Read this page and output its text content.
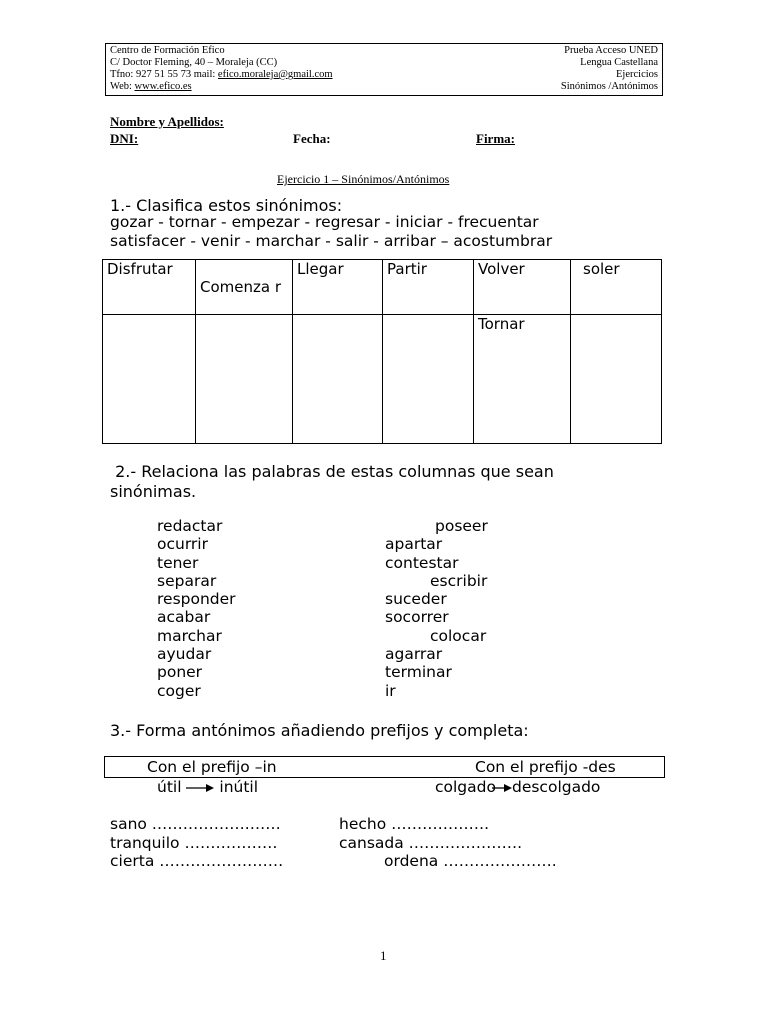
Centro de Formación Efico
C/ Doctor Fleming, 40 – Moraleja (CC)
Tfno: 927 51 55 73 mail: efico.moraleja@gmail.com
Web: www.efico.es
Prueba Acceso UNED
Lengua Castellana
Ejercicios
Sinónimos /Antónimos
Nombre y Apellidos:
DNI:	Fecha:	Firma:
Ejercicio 1 – Sinónimos/Antónimos
1.- Clasifica estos sinónimos:
gozar - tornar - empezar - regresar - iniciar - frecuentar
satisfacer - venir - marchar - salir - arribar – acostumbrar
Disfrutar	Comenza r	Llegar	Partir	Volver	soler
				Tornar	
2.- Relaciona las palabras de estas columnas que sean
sinónimas.
redactar
ocurrir
tener
separar
responder
acabar
marchar
ayudar
poner
coger
poseer
apartar
contestar
escribir
suceder
socorrer
colocar
agarrar
terminar
ir
3.- Forma antónimos añadiendo prefijos y completa:
Con el prefijo –in	Con el prefijo -des
útil inútil	colgado descolgado
sano ……………….……
tranquilo ………………
cierta ……………………
hecho ……………….
cansada ………………….
ordena ………………….
1
